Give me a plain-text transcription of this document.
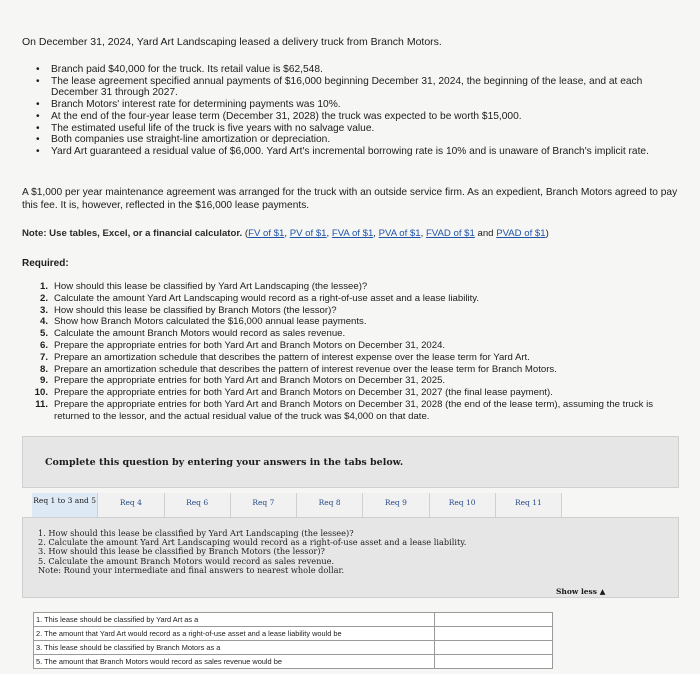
On December 31, 2024, Yard Art Landscaping leased a delivery truck from Branch Motors.
• Branch paid $40,000 for the truck. Its retail value is $62,548.
• The lease agreement specified annual payments of $16,000 beginning December 31, 2024, the beginning of the lease, and at each December 31 through 2027.
• Branch Motors' interest rate for determining payments was 10%.
• At the end of the four-year lease term (December 31, 2028) the truck was expected to be worth $15,000.
• The estimated useful life of the truck is five years with no salvage value.
• Both companies use straight-line amortization or depreciation.
• Yard Art guaranteed a residual value of $6,000. Yard Art's incremental borrowing rate is 10% and is unaware of Branch's implicit rate.
A $1,000 per year maintenance agreement was arranged for the truck with an outside service firm. As an expedient, Branch Motors agreed to pay this fee. It is, however, reflected in the $16,000 lease payments.
Note: Use tables, Excel, or a financial calculator. (FV of $1, PV of $1, FVA of $1, PVA of $1, FVAD of $1 and PVAD of $1)
Required:
1. How should this lease be classified by Yard Art Landscaping (the lessee)?
2. Calculate the amount Yard Art Landscaping would record as a right-of-use asset and a lease liability.
3. How should this lease be classified by Branch Motors (the lessor)?
4. Show how Branch Motors calculated the $16,000 annual lease payments.
5. Calculate the amount Branch Motors would record as sales revenue.
6. Prepare the appropriate entries for both Yard Art and Branch Motors on December 31, 2024.
7. Prepare an amortization schedule that describes the pattern of interest expense over the lease term for Yard Art.
8. Prepare an amortization schedule that describes the pattern of interest revenue over the lease term for Branch Motors.
9. Prepare the appropriate entries for both Yard Art and Branch Motors on December 31, 2025.
10. Prepare the appropriate entries for both Yard Art and Branch Motors on December 31, 2027 (the final lease payment).
11. Prepare the appropriate entries for both Yard Art and Branch Motors on December 31, 2028 (the end of the lease term), assuming the truck is returned to the lessor, and the actual residual value of the truck was $4,000 on that date.
Complete this question by entering your answers in the tabs below.
Req 1 to 3 and 5	Req 4	Req 6	Req 7	Req 8	Req 9	Req 10	Req 11
1. How should this lease be classified by Yard Art Landscaping (the lessee)?
2. Calculate the amount Yard Art Landscaping would record as a right-of-use asset and a lease liability.
3. How should this lease be classified by Branch Motors (the lessor)?
5. Calculate the amount Branch Motors would record as sales revenue.
Note: Round your intermediate and final answers to nearest whole dollar.
Show less ▲
1. This lease should be classified by Yard Art as a	
2. The amount that Yard Art would record as a right-of-use asset and a lease liability would be	
3. This lease should be classified by Branch Motors as a	
5. The amount that Branch Motors would record as sales revenue would be	
